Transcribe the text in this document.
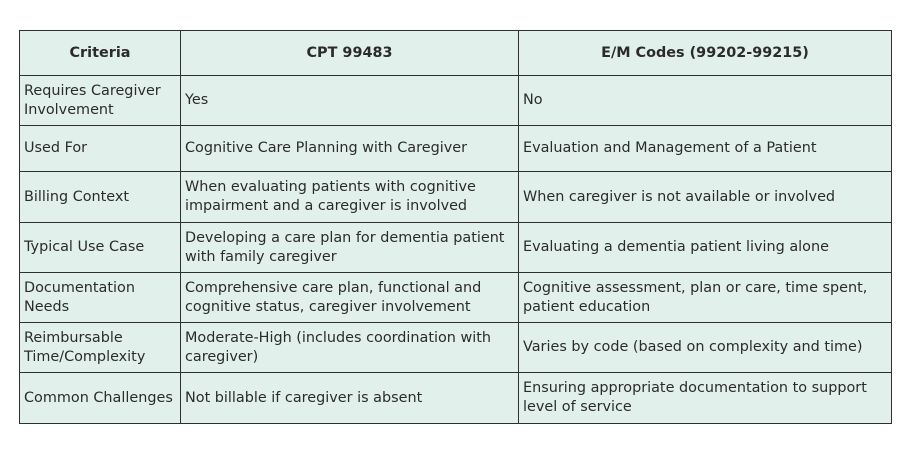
Criteria	CPT 99483	E/M Codes (99202-99215)
Requires Caregiver Involvement	Yes	No
Used For	Cognitive Care Planning with Caregiver	Evaluation and Management of a Patient
Billing Context	When evaluating patients with cognitive impairment and a caregiver is involved	When caregiver is not available or involved
Typical Use Case	Developing a care plan for dementia patient with family caregiver	Evaluating a dementia patient living alone
Documentation Needs	Comprehensive care plan, functional and cognitive status, caregiver involvement	Cognitive assessment, plan or care, time spent, patient education
Reimbursable Time/Complexity	Moderate-High (includes coordination with caregiver)	Varies by code (based on complexity and time)
Common Challenges	Not billable if caregiver is absent	Ensuring appropriate documentation to support level of service
